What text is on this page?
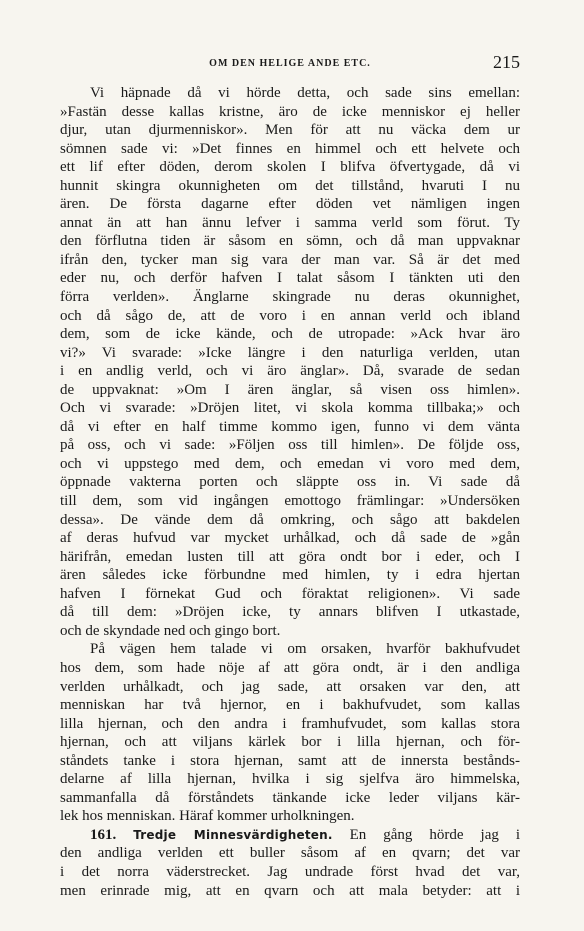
OM DEN HELIGE ANDE ETC.	215
Vi häpnade då vi hörde detta, och sade sins emellan:
»Fastän desse kallas kristne, äro de icke menniskor ej heller
djur, utan djurmenniskor». Men för att nu väcka dem ur
sömnen sade vi: »Det finnes en himmel och ett helvete och
ett lif efter döden, derom skolen I blifva öfvertygade, då vi
hunnit skingra okunnigheten om det tillstånd, hvaruti I nu
ären. De första dagarne efter döden vet nämligen ingen
annat än att han ännu lefver i samma verld som förut. Ty
den förflutna tiden är såsom en sömn, och då man uppvaknar
ifrån den, tycker man sig vara der man var. Så är det med
eder nu, och derför hafven I talat såsom I tänkten uti den
förra verlden». Änglarne skingrade nu deras okunnighet,
och då sågo de, att de voro i en annan verld och ibland
dem, som de icke kände, och de utropade: »Ack hvar äro
vi?» Vi svarade: »Icke längre i den naturliga verlden, utan
i en andlig verld, och vi äro änglar». Då, svarade de sedan
de uppvaknat: »Om I ären änglar, så visen oss himlen».
Och vi svarade: »Dröjen litet, vi skola komma tillbaka;» och
då vi efter en half timme kommo igen, funno vi dem vänta
på oss, och vi sade: »Följen oss till himlen». De följde oss,
och vi uppstego med dem, och emedan vi voro med dem,
öppnade vakterna porten och släppte oss in. Vi sade då
till dem, som vid ingången emottogo främlingar: »Undersöken
dessa». De vände dem då omkring, och sågo att bakdelen
af deras hufvud var mycket urhålkad, och då sade de »gån
härifrån, emedan lusten till att göra ondt bor i eder, och I
ären således icke förbundne med himlen, ty i edra hjertan
hafven I förnekat Gud och föraktat religionen». Vi sade
då till dem: »Dröjen icke, ty annars blifven I utkastade,
och de skyndade ned och gingo bort.
På vägen hem talade vi om orsaken, hvarför bakhufvudet
hos dem, som hade nöje af att göra ondt, är i den andliga
verlden urhålkadt, och jag sade, att orsaken var den, att
menniskan har två hjernor, en i bakhufvudet, som kallas
lilla hjernan, och den andra i framhufvudet, som kallas stora
hjernan, och att viljans kärlek bor i lilla hjernan, och för-
ståndets tanke i stora hjernan, samt att de innersta bestånds-
delarne af lilla hjernan, hvilka i sig sjelfva äro himmelska,
sammanfalla då förståndets tänkande icke leder viljans kär-
lek hos menniskan. Häraf kommer urholkningen.
161. Tredje Minnesvärdigheten. En gång hörde jag i
den andliga verlden ett buller såsom af en qvarn; det var
i det norra väderstrecket. Jag undrade först hvad det var,
men erinrade mig, att en qvarn och att mala betyder: att i
